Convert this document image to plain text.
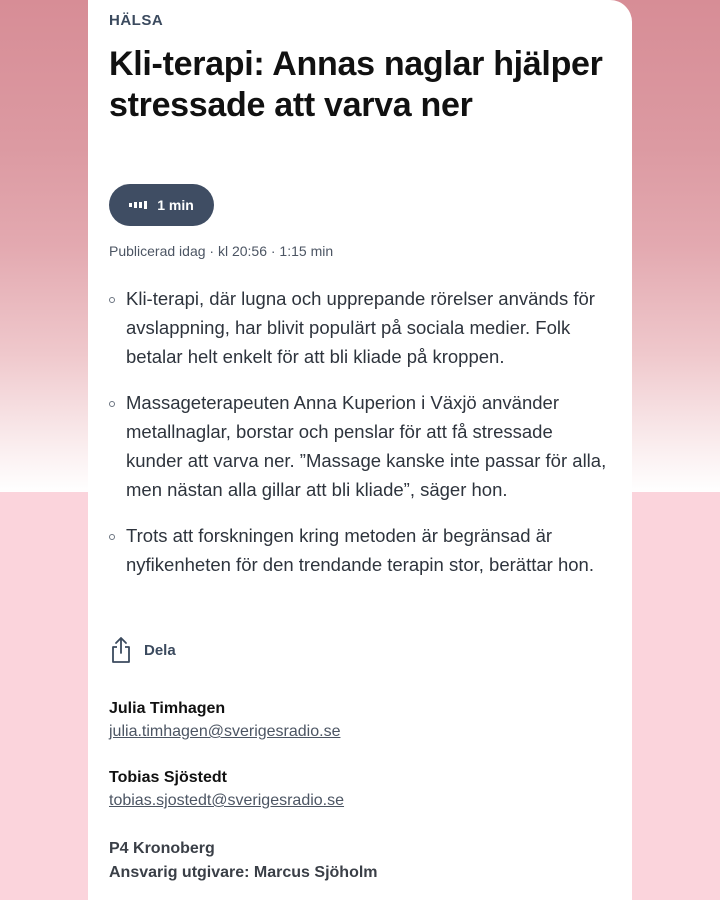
HÄLSA
Kli-terapi: Annas naglar hjälper stressade att varva ner
1 min
Publicerad idag · kl 20:56 · 1:15 min
Kli-terapi, där lugna och upprepande rörelser används för avslappning, har blivit populärt på sociala medier. Folk betalar helt enkelt för att bli kliade på kroppen.
Massageterapeuten Anna Kuperion i Växjö använder metallnaglar, borstar och penslar för att få stressade kunder att varva ner. ”Massage kanske inte passar för alla, men nästan alla gillar att bli kliade”, säger hon.
Trots att forskningen kring metoden är begränsad är nyfikenheten för den trendande terapin stor, berättar hon.
Dela
Julia Timhagen
julia.timhagen@sverigesradio.se
Tobias Sjöstedt
tobias.sjostedt@sverigesradio.se
P4 Kronoberg
Ansvarig utgivare: Marcus Sjöholm
